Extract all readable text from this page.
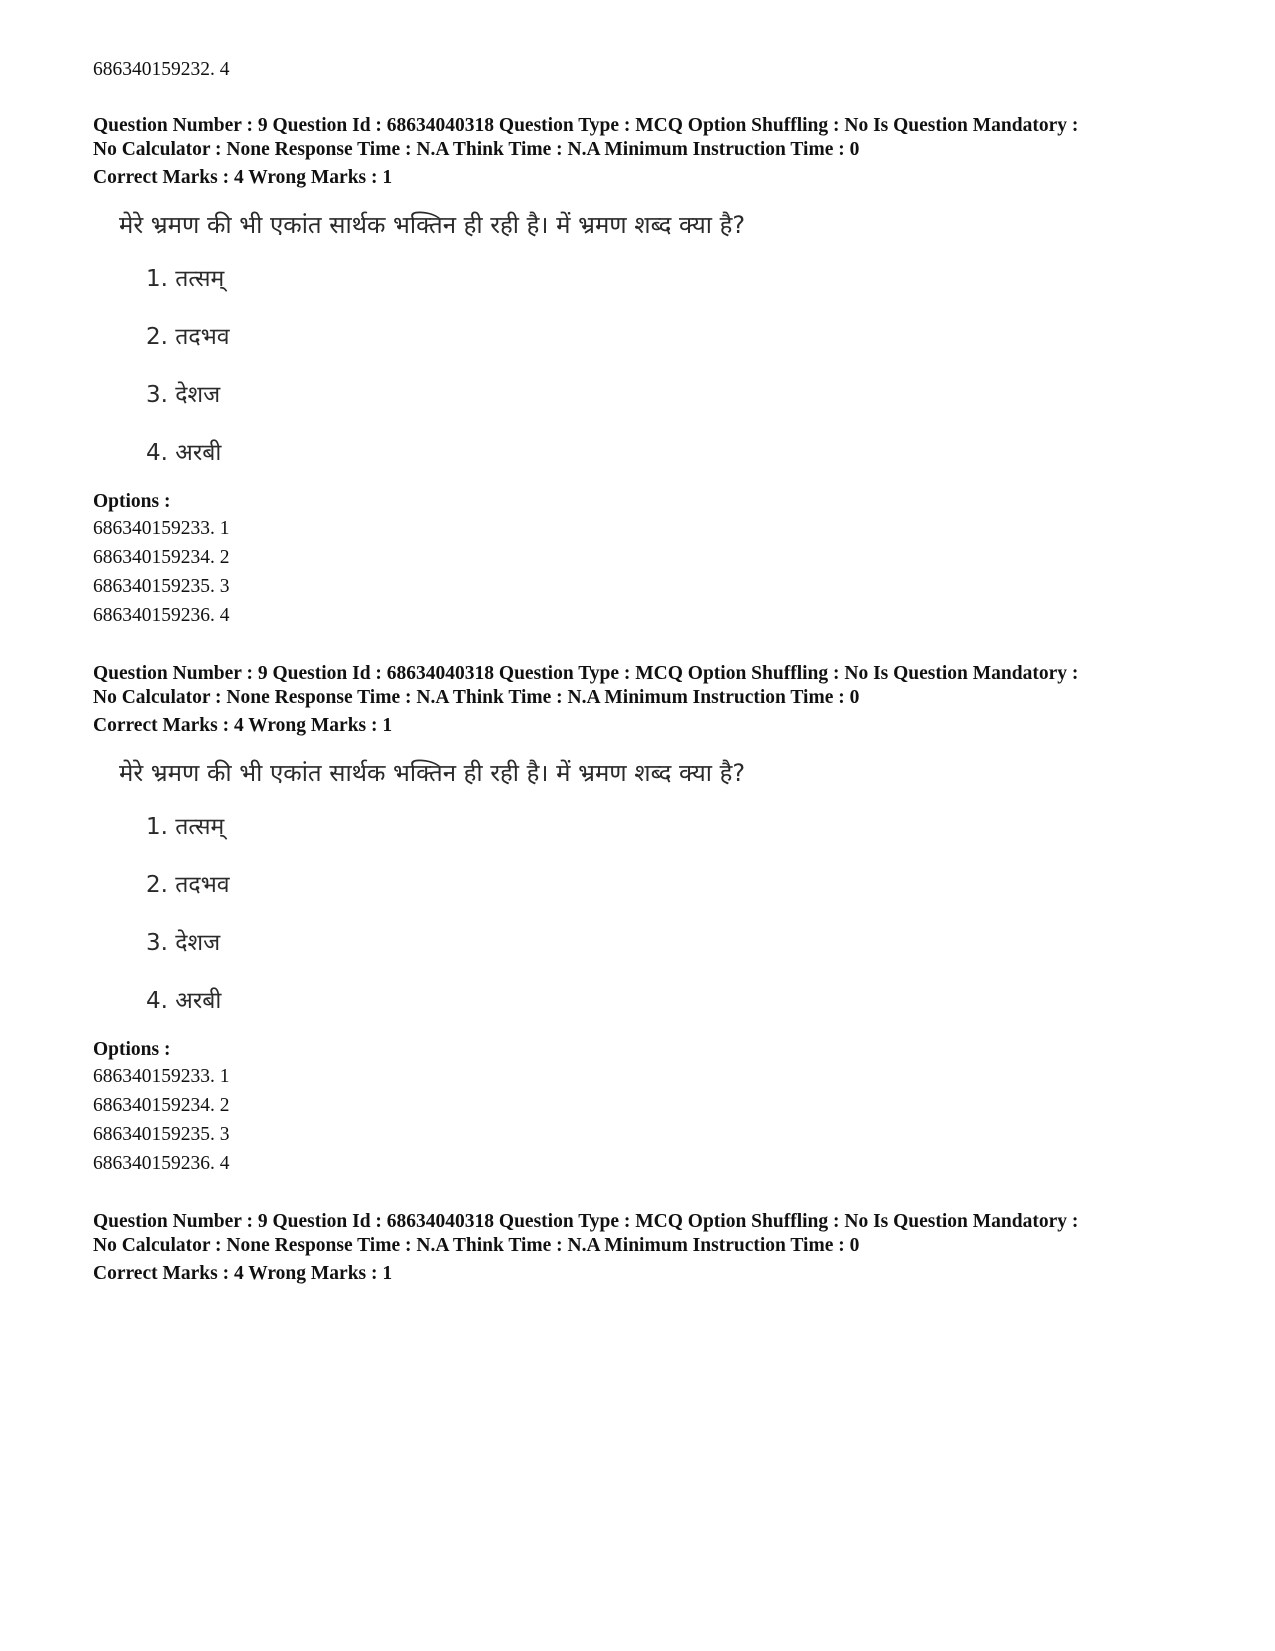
686340159232. 4
Question Number : 9 Question Id : 68634040318 Question Type : MCQ Option Shuffling : No Is Question Mandatory :
No Calculator : None Response Time : N.A Think Time : N.A Minimum Instruction Time : 0
Correct Marks : 4 Wrong Marks : 1
मेरे भ्रमण की भी एकांत सार्थक भक्तिन ही रही है। में भ्रमण शब्द क्या है?
1. तत्सम्
2. तदभव
3. देशज
4. अरबी
Options :
686340159233. 1
686340159234. 2
686340159235. 3
686340159236. 4
Question Number : 9 Question Id : 68634040318 Question Type : MCQ Option Shuffling : No Is Question Mandatory :
No Calculator : None Response Time : N.A Think Time : N.A Minimum Instruction Time : 0
Correct Marks : 4 Wrong Marks : 1
मेरे भ्रमण की भी एकांत सार्थक भक्तिन ही रही है। में भ्रमण शब्द क्या है?
1. तत्सम्
2. तदभव
3. देशज
4. अरबी
Options :
686340159233. 1
686340159234. 2
686340159235. 3
686340159236. 4
Question Number : 9 Question Id : 68634040318 Question Type : MCQ Option Shuffling : No Is Question Mandatory :
No Calculator : None Response Time : N.A Think Time : N.A Minimum Instruction Time : 0
Correct Marks : 4 Wrong Marks : 1
